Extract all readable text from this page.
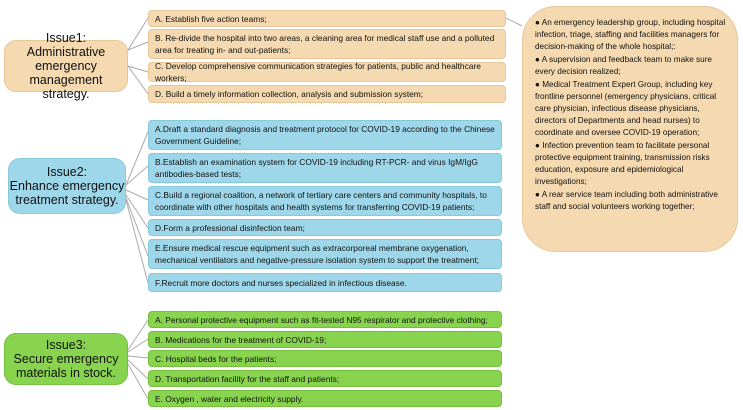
Issue1:
Administrative emergency
management strategy.
A. Establish five action teams;
B. Re-divide the hospital into two areas, a cleaning area for medical staff use and a polluted area for treating in- and out-patients;
C. Develop comprehensive communication strategies for patients, public and healthcare workers;
D. Build a timely information collection, analysis and submission system;
● An emergency leadership group, including hospital infection, triage, staffing and facilities managers for decision-making of the whole hospital;:
● A supervision and feedback team to make sure every decision realized;
● Medical Treatment Expert Group, including key frontline personnel (emergency physicians, critical care physician, infectious disease physicians, directors of Departments and head nurses) to coordinate and oversee COVID-19 operation;
● Infection prevention team to facilitate personal protective equipment training, transmission risks education, exposure and epidemiological investigations;
● A rear service team including both administrative staff and social volunteers working together;
Issue2:
Enhance emergency
treatment strategy.
A.Draft a standard diagnosis and treatment protocol for COVID-19 according to the Chinese Government Guideline;
B.Establish an examination system for COVID-19 including RT-PCR- and virus IgM/IgG antibodies-based tests;
C.Build a regional coalition, a network of tertiary care centers and community hospitals, to coordinate with other hospitals and health systems for transferring COVID-19 patients;
D.Form a professional disinfection team;
E.Ensure medical rescue equipment such as extracorporeal membrane oxygenation, mechanical ventilators and negative-pressure isolation system to support the treatment;
F.Recruit more doctors and nurses specialized in infectious disease.
Issue3:
Secure emergency
materials in stock.
A. Personal protective equipment such as fit-tested N95 respirator and protective clothing;
B. Medications for the treatment of COVID-19;
C. Hospital beds for the patients;
D. Transportation facility for the staff and patients;
E. Oxygen , water and electricity supply.
